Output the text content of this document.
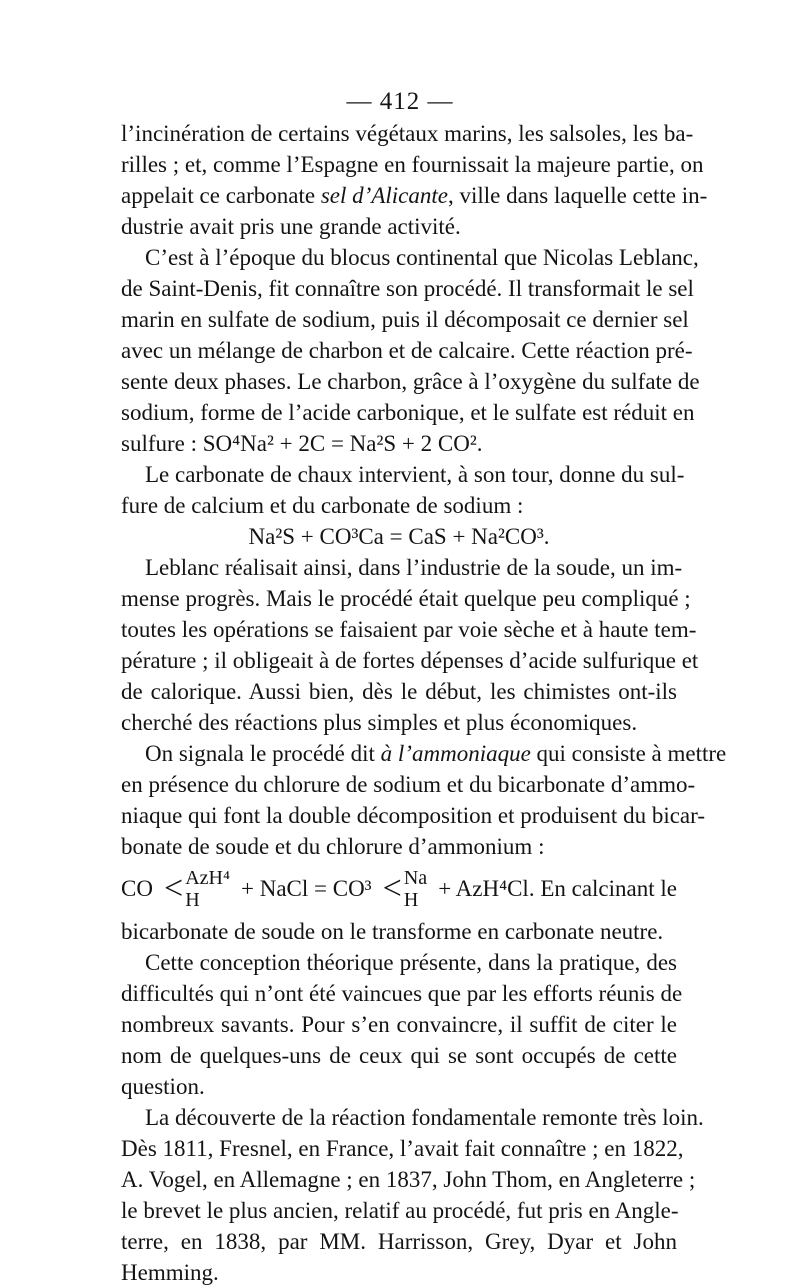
— 412 —
l’incinération de certains végétaux marins, les salsoles, les ba-
rilles ; et, comme l’Espagne en fournissait la majeure partie, on
appelait ce carbonate sel d’Alicante, ville dans laquelle cette in-
dustrie avait pris une grande activité.
C’est à l’époque du blocus continental que Nicolas Leblanc,
de Saint-Denis, fit connaître son procédé. Il transformait le sel
marin en sulfate de sodium, puis il décomposait ce dernier sel
avec un mélange de charbon et de calcaire. Cette réaction pré-
sente deux phases. Le charbon, grâce à l’oxygène du sulfate de
sodium, forme de l’acide carbonique, et le sulfate est réduit en
sulfure : SO⁴Na² + 2C = Na²S + 2 CO².
Le carbonate de chaux intervient, à son tour, donne du sul-
fure de calcium et du carbonate de sodium :
Na²S + CO³Ca = CaS + Na²CO³.
Leblanc réalisait ainsi, dans l’industrie de la soude, un im-
mense progrès. Mais le procédé était quelque peu compliqué ;
toutes les opérations se faisaient par voie sèche et à haute tem-
pérature ; il obligeait à de fortes dépenses d’acide sulfurique et
de calorique. Aussi bien, dès le début, les chimistes ont-ils
cherché des réactions plus simples et plus économiques.
On signala le procédé dit à l’ammoniaque qui consiste à mettre
en présence du chlorure de sodium et du bicarbonate d’ammo-
niaque qui font la double décomposition et produisent du bicar-
bonate de soude et du chlorure d’ammonium :
CO < AzH⁴
H	+ NaCl = CO³ < Na
H + AzH⁴Cl. En calcinant le
bicarbonate de soude on le transforme en carbonate neutre.
Cette conception théorique présente, dans la pratique, des
difficultés qui n’ont été vaincues que par les efforts réunis de
nombreux savants. Pour s’en convaincre, il suffit de citer le
nom de quelques-uns de ceux qui se sont occupés de cette
question.
La découverte de la réaction fondamentale remonte très loin.
Dès 1811, Fresnel, en France, l’avait fait connaître ; en 1822,
A. Vogel, en Allemagne ; en 1837, John Thom, en Angleterre ;
le brevet le plus ancien, relatif au procédé, fut pris en Angle-
terre, en 1838, par MM. Harrisson, Grey, Dyar et John
Hemming.
